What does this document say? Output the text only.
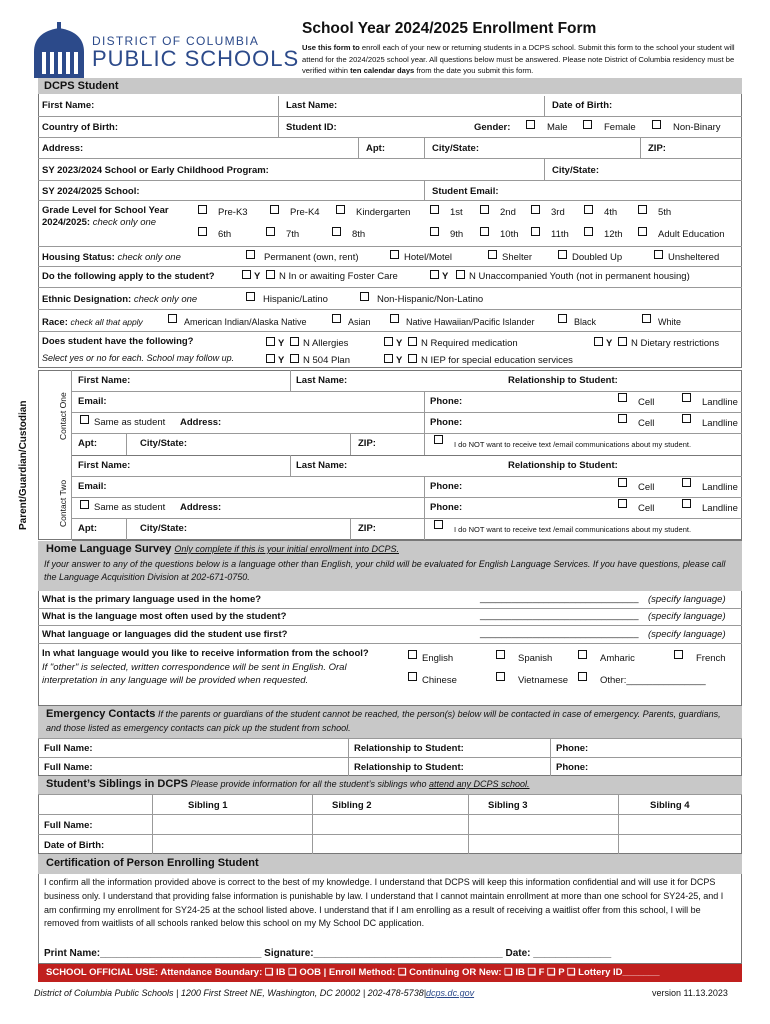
DISTRICT OF COLUMBIA
PUBLIC SCHOOLS
School Year 2024/2025 Enrollment Form
Use this form to enroll each of your new or returning students in a DCPS school. Submit this form to the school your student will attend for the 2024/2025 school year. All questions below must be answered. Please note District of Columbia residency must be verified within ten calendar days from the date you submit this form.
DCPS Student
First Name:	Last Name:	Date of Birth:
Country of Birth:	Student ID:	Gender:	Male	Female	Non-Binary
Address:	Apt:	City/State:	ZIP:
SY 2023/2024 School or Early Childhood Program:	City/State:
SY 2024/2025 School:	Student Email:
Grade Level for School Year 2024/2025: check only one
Pre-K3	Pre-K4	Kindergarten	1st	2nd	3rd	4th	5th
6th	7th	8th	9th	10th	11th	12th	Adult Education
Housing Status: check only one	Permanent (own, rent)	Hotel/Motel	Shelter	Doubled Up	Unsheltered
Do the following apply to the student?	Y N In or awaiting Foster Care	Y N Unaccompanied Youth (not in permanent housing)
Ethnic Designation: check only one	Hispanic/Latino	Non-Hispanic/Non-Latino
Race: check all that apply	American Indian/Alaska Native	Asian	Native Hawaiian/Pacific Islander	Black	White
Does student have the following?
Select yes or no for each. School may follow up.
Y N Allergies	Y N Required medication	Y N Dietary restrictions
Y N 504 Plan	Y N IEP for special education services
Parent/Guardian/Custodian	Contact One
Contact Two
First Name:	Last Name:	Relationship to Student:
Email:	Phone:	Cell	Landline
Same as student Address:	Phone:	Cell	Landline
Apt:	City/State:	ZIP:	I do NOT want to receive text /email communications about my student.
First Name:	Last Name:	Relationship to Student:
Email:	Phone:	Cell	Landline
Same as student Address:	Phone:	Cell	Landline
Apt:	City/State:	ZIP:	I do NOT want to receive text /email communications about my student.
Home Language Survey Only complete if this is your initial enrollment into DCPS.
If your answer to any of the questions below is a language other than English, your child will be evaluated for English Language Services. If you have questions, please call the Language Acquisition Division at 202-671-0750.
What is the primary language used in the home?	______________________________ (specify language)
What is the language most often used by the student?	______________________________ (specify language)
What language or languages did the student use first?	______________________________ (specify language)
In what language would you like to receive information from the school? If "other" is selected, written correspondence will be sent in English. Oral interpretation in any language will be provided when requested.
English	Spanish	Amharic	French
Chinese	Vietnamese	Other:_______________
Emergency Contacts If the parents or guardians of the student cannot be reached, the person(s) below will be contacted in case of emergency. Parents, guardians, and those listed as emergency contacts can pick up the student from school.
Full Name:	Relationship to Student:	Phone:
Full Name:	Relationship to Student:	Phone:
Student’s Siblings in DCPS Please provide information for all the student’s siblings who attend any DCPS school.
Sibling 1	Sibling 2	Sibling 3	Sibling 4
Full Name:
Date of Birth:
Certification of Person Enrolling Student
I confirm all the information provided above is correct to the best of my knowledge. I understand that DCPS will keep this information confidential and will use it for DCPS business only. I understand that providing false information is punishable by law. I understand that I cannot maintain enrollment at more than one school for SY24-25, and I am confirming my enrollment for SY24-25 at the school listed above. I understand that if I am enrolling as a result of receiving a waitlist offer from this school, I will be removed from waitlists of all schools ranked below this school on my My School DC application.
Print Name:_____________________________ Signature:__________________________________ Date: ______________
SCHOOL OFFICIAL USE: Attendance Boundary: ❑ IB ❑ OOB | Enroll Method: ❑ Continuing OR New: ❑ IB ❑ F ❑ P ❑ Lottery ID_______
District of Columbia Public Schools | 1200 First Street NE, Washington, DC 20002 | 202-478-5738|dcps.dc.gov	version 11.13.2023
